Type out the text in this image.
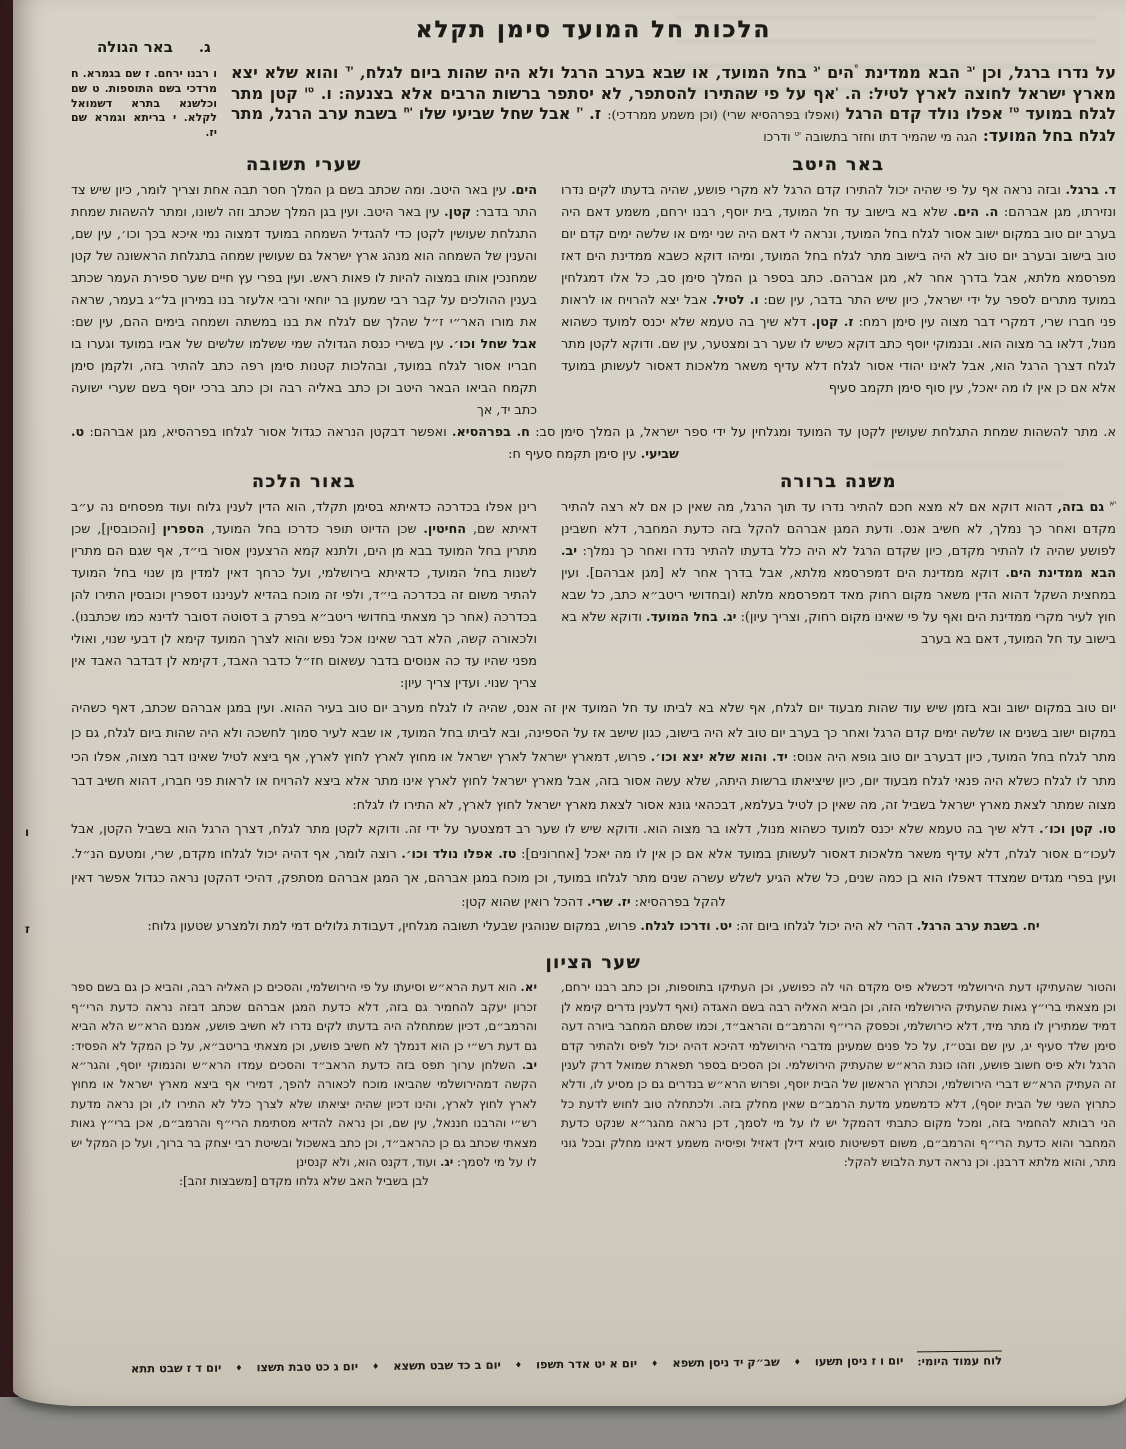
הלכות חל המועד סימן תקלא
באר הגולה ג.
על נדרו ברגל, וכן $^{יב}$ הבא ממדינת °הים $^{יג}$ בחל המועד, או שבא בערב הרגל ולא היה שהות ביום לגלח, $^{יד}$ והוא שלא יצא מארץ ישראל לחוצה לארץ לטיל: ה. $^י$אף על פי שהתירו להסתפר, לא יסתפר ברשות הרבים אלא בצנעה: ו. $^{טו}$ קטן מתר לגלח במועד $^{טז}$ אפלו נולד קדם הרגל (ואפלו בפרהסיא שרי) (וכן משמע ממרדכי): ז. $^{יז}$ אבל שחל שביעי שלו $^{יח}$ בשבת ערב הרגל, מתר לגלח בחל המועד: הגה מי שהמיר דתו וחזר בתשובה $^{יט}$ ודרכו
ו רבנו ירחם. ז שם בגמרא. ח מרדכי בשם התוספות. ט שם וכלשנא בתרא דשמואל לקלא. י בריתא וגמרא שם יז.
באר היטב
ד. ברגל. ובזה נראה אף על פי שהיה יכול להתירו קדם הרגל לא מקרי פושע, שהיה בדעתו לקים נדרו ונזירתו, מגן אברהם: ה. הים. שלא בא בישוב עד חל המועד, בית יוסף, רבנו ירחם, משמע דאם היה בערב יום טוב במקום ישוב אסור לגלח בחל המועד, ונראה לי דאם היה שני ימים או שלשה ימים קדם יום טוב בישוב ובערב יום טוב לא היה בישוב מתר לגלח בחל המועד, ומיהו דוקא כשבא ממדינת הים דאז מפרסמא מלתא, אבל בדרך אחר לא, מגן אברהם. כתב בספר גן המלך סימן סב, כל אלו דמגלחין במועד מתרים לספר על ידי ישראל, כיון שיש התר בדבר, עין שם: ו. לטיל. אבל יצא להרויח או לראות פני חברו שרי, דמקרי דבר מצוה עין סימן רמח: ז. קטן. דלא שיך בה טעמא שלא יכנס למועד כשהוא מנול, דלאו בר מצוה הוא. ובנמוקי יוסף כתב דוקא כשיש לו שער רב ומצטער, עין שם. ודוקא לקטן מתר לגלח דצרך הרגל הוא, אבל לאינו יהודי אסור לגלח דלא עדיף משאר מלאכות דאסור לעשותן במועד אלא אם כן אין לו מה יאכל, עין סוף סימן תקמב סעיף
שערי תשובה
הים. עין באר היטב. ומה שכתב בשם גן המלך חסר תבה אחת וצריך לומר, כיון שיש צד התר בדבר: קטן. עין באר היטב. ועין בגן המלך שכתב וזה לשונו, ומתר להשהות שמחת התגלחת שעושין לקטן כדי להגדיל השמחה במועד דמצוה נמי איכא בכך וכו׳, עין שם, והענין של השמחה הוא מנהג ארץ ישראל גם שעושין שמחה בתגלחת הראשונה של קטן שמחנכין אותו במצוה להיות לו פאות ראש. ועין בפרי עץ חיים שער ספירת העמר שכתב בענין ההולכים על קבר רבי שמעון בר יוחאי ורבי אלעזר בנו במירון בל״ג בעמר, שראה את מורו האר״י ז״ל שהלך שם לגלח את בנו במשתה ושמחה בימים ההם, עין שם: אבל שחל וכו׳. עין בשירי כנסת הגדולה שמי ששלמו שלשים של אביו במועד וגערו בו חבריו אסור לגלח במועד, ובהלכות קטנות סימן רפה כתב להתיר בזה, ולקמן סימן תקמח הביאו הבאר היטב וכן כתב באליה רבה וכן כתב ברכי יוסף בשם שערי ישועה כתב יד, אך
א. מתר להשהות שמחת התגלחת שעושין לקטן עד המועד ומגלחין על ידי ספר ישראל, גן המלך סימן סב: ח. בפרהסיא. ואפשר דבקטן הנראה כגדול אסור לגלחו בפרהסיא, מגן אברהם: ט. שביעי. עין סימן תקמח סעיף ח:
משנה ברורה
$^{יא}$ גם בזה, דהוא דוקא אם לא מצא חכם להתיר נדרו עד תוך הרגל, מה שאין כן אם לא רצה להתיר מקדם ואחר כך נמלך, לא חשיב אנס. ודעת המגן אברהם להקל בזה כדעת המחבר, דלא חשבינן לפושע שהיה לו להתיר מקדם, כיון שקדם הרגל לא היה כלל בדעתו להתיר נדרו ואחר כך נמלך: יב. הבא ממדינת הים. דוקא ממדינת הים דמפרסמא מלתא, אבל בדרך אחר לא [מגן אברהם]. ועין במחצית השקל דהוא הדין משאר מקום רחוק מאד דמפרסמא מלתא (ובחדושי ריטב״א כתב, כל שבא חוץ לעיר מקרי ממדינת הים ואף על פי שאינו מקום רחוק, וצריך עיון): יג. בחל המועד. ודוקא שלא בא בישוב עד חל המועד, דאם בא בערב
באור הלכה
רינן אפלו בכדרכה כדאיתא בסימן תקלד, הוא הדין לענין גלוח ועוד מפסחים נה ע״ב דאיתא שם, החיטין. שכן הדיוט תופר כדרכו בחל המועד, הספרין [והכובסין], שכן מתרין בחל המועד בבא מן הים, ולתנא קמא הרצענין אסור בי״ד, אף שגם הם מתרין לשנות בחל המועד, כדאיתא בירושלמי, ועל כרחך דאין למדין מן שנוי בחל המועד להתיר משום זה בכדרכה בי״ד, ולפי זה מוכח בהדיא לעניננו דספרין וכובסין התירו להן בכדרכה (אחר כך מצאתי בחדושי ריטב״א בפרק ב דסוטה דסובר לדינא כמו שכתבנו). ולכאורה קשה, הלא דבר שאינו אכל נפש והוא לצרך המועד קימא לן דבעי שנוי, ואולי מפני שהיו עד כה אנוסים בדבר עשאום חז״ל כדבר האבד, דקימא לן דבדבר האבד אין צריך שנוי. ועדין צריך עיון:

יום טוב במקום ישוב ובא בזמן שיש עוד שהות מבעוד יום לגלח, אף שלא בא לביתו עד חל המועד אין זה אנס, שהיה לו לגלח מערב יום טוב בעיר ההוא. ועין במגן אברהם שכתב, דאף כשהיה במקום ישוב בשנים או שלשה ימים קדם הרגל ואחר כך בערב יום טוב לא היה בישוב, כגון שישב אז על הספינה, ובא לביתו בחל המועד, או שבא לעיר סמוך לחשכה ולא היה שהות ביום לגלח, גם כן מתר לגלח בחל המועד, כיון דבערב יום טוב גופא היה אנוס: יד. והוא שלא יצא וכו׳. פרוש, דמארץ ישראל לארץ ישראל או מחוץ לארץ לחוץ לארץ, אף ביצא לטיל שאינו דבר מצוה, אפלו הכי מתר לו לגלח כשלא היה פנאי לגלח מבעוד יום, כיון שיציאתו ברשות היתה, שלא עשה אסור בזה, אבל מארץ ישראל לחוץ לארץ אינו מתר אלא ביצא להרויח או לראות פני חברו, דהוא חשיב דבר מצוה שמתר לצאת מארץ ישראל בשביל זה, מה שאין כן לטיל בעלמא, דבכהאי גונא אסור לצאת מארץ ישראל לחוץ לארץ, לא התירו לו לגלח:

ו	טו. קטן וכו׳. דלא שיך בה טעמא שלא יכנס למועד כשהוא מנול, דלאו בר מצוה הוא. ודוקא שיש לו שער רב דמצטער על ידי זה. ודוקא לקטן מתר לגלח, דצרך הרגל הוא בשביל הקטן, אבל לעכו״ם אסור לגלח, דלא עדיף משאר מלאכות דאסור לעשותן במועד אלא אם כן אין לו מה יאכל [אחרונים]: טז. אפלו נולד וכו׳. רוצה לומר, אף דהיה יכול לגלחו מקדם, שרי, ומטעם הנ״ל. ועין בפרי מגדים שמצדד דאפלו הוא בן כמה שנים, כל שלא הגיע לשלש עשרה שנים מתר לגלחו במועד, וכן מוכח במגן אברהם, אך המגן אברהם מסתפק, דהיכי דהקטן נראה כגדול אפשר דאין להקל בפרהסיא: יז. שרי. דהכל רואין שהוא קטן:

ז	יח. בשבת ערב הרגל. דהרי לא היה יכול לגלחו ביום זה: יט. ודרכו לגלח. פרוש, במקום שנוהגין שבעלי תשובה מגלחין, דעבודת גלולים דמי למת ולמצרע שטעון גלוח:

שער הציון
והטור שהעתיקו דעת הירושלמי דכשלא פיס מקדם הוי לה כפושע, וכן העתיקו בתוספות, וכן כתב רבנו ירחם, וכן מצאתי ברי״ץ גאות שהעתיק הירושלמי הזה, וכן הביא האליה רבה בשם האגדה (ואף דלענין נדרים קימא לן דמיד שמתירין לו מתר מיד, דלא כירושלמי, וכפסק הרי״ף והרמב״ם והראב״ד, וכמו שסתם המחבר ביורה דעה סימן שלד סעיף יג, עין שם ובט״ז, על כל פנים שמעינן מדברי הירושלמי דהיכא דהיה יכול לפיס ולהתיר קדם הרגל ולא פיס חשוב פושע, וזהו כונת הרא״ש שהעתיק הירושלמי. וכן הסכים בספר תפארת שמואל דרק לענין זה העתיק הרא״ש דברי הירושלמי, וכתרוץ הראשון של הבית יוסף, ופרוש הרא״ש בנדרים גם כן מסיע לו, ודלא כתרוץ השני של הבית יוסף), דלא כדמשמע מדעת הרמב״ם שאין מחלק בזה. ולכתחלה טוב לחוש לדעת כל הני רבותא להחמיר בזה, ומכל מקום כתבתי דהמקל יש לו על מי לסמך, דכן נראה מהגר״א שנקט כדעת המחבר והוא כדעת הרי״ף והרמב״ם, משום דפשיטות סוגיא דילן דאזיל ופיסיה משמע דאינו מחלק ובכל גוני מתר, והוא מלתא דרבנן. וכן נראה דעת הלבוש להקל:
יא. הוא דעת הרא״ש וסיעתו על פי הירושלמי, והסכים כן האליה רבה, והביא כן גם בשם ספר זכרון יעקב להחמיר גם בזה, דלא כדעת המגן אברהם שכתב דבזה נראה כדעת הרי״ף והרמב״ם, דכיון שמתחלה היה בדעתו לקים נדרו לא חשיב פושע, אמנם הרא״ש הלא הביא גם דעת רש״י כן הוא דנמלך לא חשיב פושע, וכן מצאתי בריטב״א, על כן המקל לא הפסיד: יב. השלחן ערוך תפס בזה כדעת הראב״ד והסכים עמדו הרא״ש והנמוקי יוסף, והגר״א הקשה דמהירושלמי שהביאו מוכח לכאורה להפך, דמירי אף ביצא מארץ ישראל או מחוץ לארץ לחוץ לארץ, והינו דכיון שהיה יציאתו שלא לצרך כלל לא התירו לו, וכן נראה מדעת רש״י והרבנו חננאל, עין שם, וכן נראה להדיא מסתימת הרי״ף והרמב״ם, אכן ברי״ץ גאות מצאתי שכתב גם כן כהראב״ד, וכן כתב באשכול ובשיטת רבי יצחק בר ברוך, ועל כן המקל יש לו על מי לסמך: יג. ועוד, דקנס הוא, ולא קנסינן
לבן בשביל האב שלא גלחו מקדם [משבצות זהב]:
לוח עמוד היומי:
יום ו ז ניסן תשעו
♦
שב״ק יד ניסן תשפא
♦
יום א יט אדר תשפו
♦
יום ב כד שבט תשצא
♦
יום ג כט טבת תשצו
♦
יום ד ז שבט תתא
